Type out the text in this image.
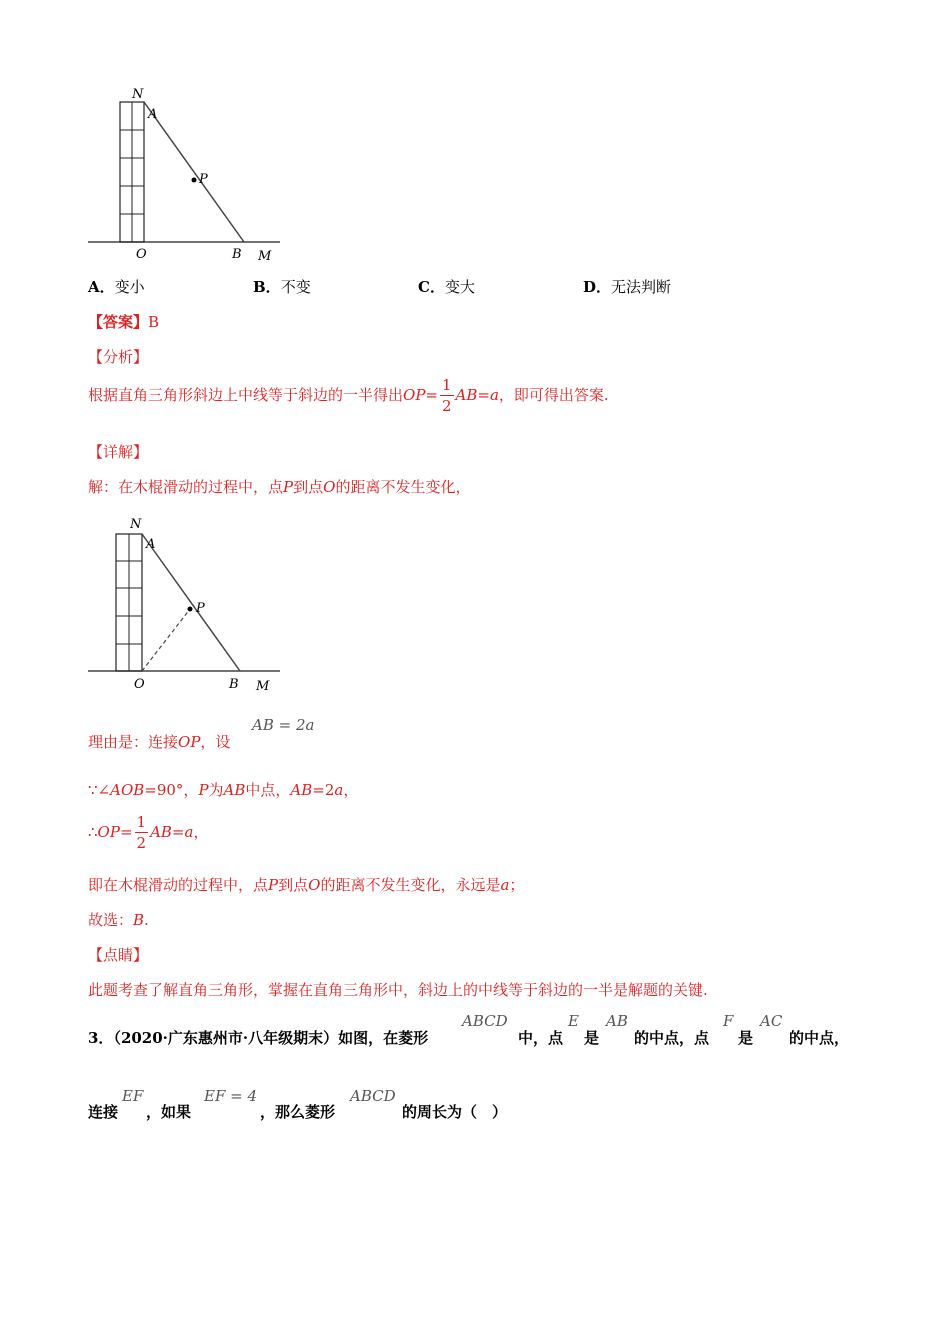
N
A
P
O	B M
A．变小	B．不变	C．变大	D．无法判断
【答案】B
【分析】
根据直角三角形斜边上中线等于斜边的一半得出$OP= \frac{1}{2} AB=a$，即可得出答案.
【详解】
解：在木棍滑动的过程中，点P到点O的距离不发生变化，
N
A
P
O	B M
理由是：连接OP，设
AB = 2a
∵∠AOB=90°，P为AB中点，AB=2a，
∴OP= $\frac{1}{2} AB=a$，
即在木棍滑动的过程中，点P到点O的距离不发生变化，永远是a；
故选：B.
【点睛】
此题考查了解直角三角形，掌握在直角三角形中，斜边上的中线等于斜边的一半是解题的关键.
3．（2020·广东惠州市·八年级期末）如图，在菱形
ABCD
中，点
E
是
AB
的中点，点
F
是
AC
的中点，
连接
EF
，如果
EF = 4
，那么菱形
ABCD
的周长为（　）
